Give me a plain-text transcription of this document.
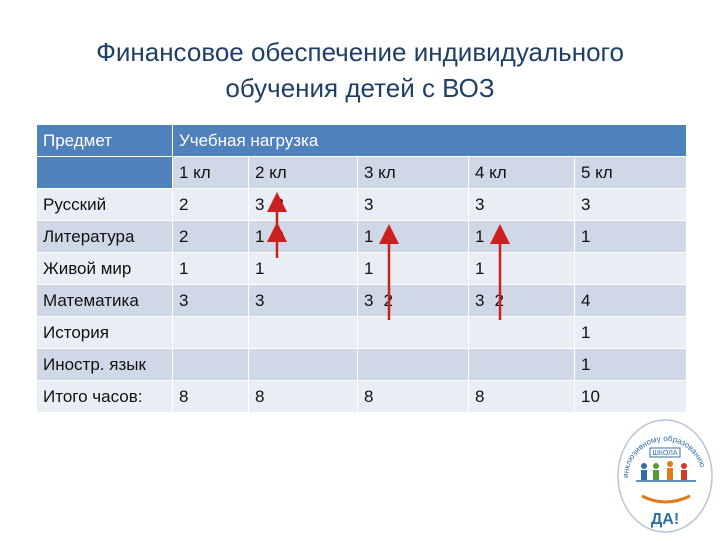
Финансовое обеспечение индивидуального
обучения детей с ВОЗ
Предмет	Учебная нагрузка				
	1 кл	2 кл	3 кл	4 кл	5 кл
Русский	2	3 2	3	3	3
Литература	2	1 2	1 2	1 2	1
Живой мир	1	1	1	1	
Математика	3	3	3 2	3 2	4
История					1
Иностр. язык					1
Итого часов:	8	8	8	8	10
инклюзивному образованию
ШКОЛА
ДА!
